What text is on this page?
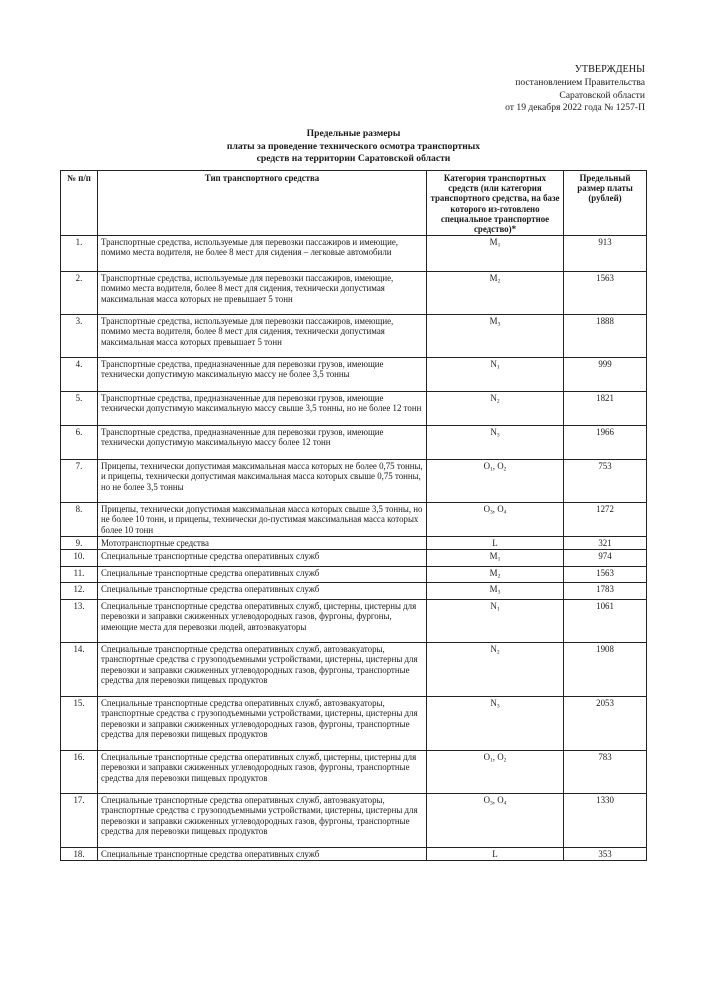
УТВЕРЖДЕНЫ
постановлением Правительства
Саратовской области
от 19 декабря 2022 года № 1257-П
Предельные размеры
платы за проведение технического осмотра транспортных
средств на территории Саратовской области
№ п/п	Тип транспортного средства	Категория транспортных средств (или категория транспортного средства, на базе которого из-готовлено специальное транспортное средство)*	Предельный размер платы (рублей)
1.	Транспортные средства, используемые для перевозки пассажиров и имеющие, помимо места водителя, не более 8 мест для сидения – легковые автомобили	$M_1$	913
2.	Транспортные средства, используемые для перевозки пассажиров, имеющие, помимо места водителя, более 8 мест для сидения, технически допустимая максимальная масса которых не превышает 5 тонн	$M_2$	1563
3.	Транспортные средства, используемые для перевозки пассажиров, имеющие, помимо места водителя, более 8 мест для сидения, технически допустимая максимальная масса которых превышает 5 тонн	$M_3$	1888
4.	Транспортные средства, предназначенные для перевозки грузов, имеющие технически допустимую максимальную массу не более 3,5 тонны	$N_1$	999
5.	Транспортные средства, предназначенные для перевозки грузов, имеющие технически допустимую максимальную массу свыше 3,5 тонны, но не более 12 тонн	$N_2$	1821
6.	Транспортные средства, предназначенные для перевозки грузов, имеющие технически допустимую максимальную массу более 12 тонн	$N_3$	1966
7.	Прицепы, технически допустимая максимальная масса которых не более 0,75 тонны, и прицепы, технически допустимая максимальная масса которых свыше 0,75 тонны, но не более 3,5 тонны	$O_1$, $O_2$	753
8.	Прицепы, технически допустимая максимальная масса которых свыше 3,5 тонны, но не более 10 тонн, и прицепы, технически до-пустимая максимальная масса которых более 10 тонн	$O_3$, $O_4$	1272
9.	Мототранспортные средства	L	321
10.	Специальные транспортные средства оперативных служб	$M_1$	974
11.	Специальные транспортные средства оперативных служб	$M_2$	1563
12.	Специальные транспортные средства оперативных служб	$M_3$	1783
13.	Специальные транспортные средства оперативных служб, цистерны, цистерны для перевозки и заправки сжиженных углеводородных газов, фургоны, фургоны, имеющие места для перевозки людей, автоэвакуаторы	$N_1$	1061
14.	Специальные транспортные средства оперативных служб, автоэвакуаторы, транспортные средства с грузоподъемными устройствами, цистерны, цистерны для перевозки и заправки сжиженных углеводородных газов, фургоны, транспортные средства для перевозки пищевых продуктов	$N_2$	1908
15.	Специальные транспортные средства оперативных служб, автоэвакуаторы, транспортные средства с грузоподъемными устройствами, цистерны, цистерны для перевозки и заправки сжиженных углеводородных газов, фургоны, транспортные средства для перевозки пищевых продуктов	$N_3$	2053
16.	Специальные транспортные средства оперативных служб, цистерны, цистерны для перевозки и заправки сжиженных углеводородных газов, фургоны, транспортные средства для перевозки пищевых продуктов	$O_1$, $O_2$	783
17.	Специальные транспортные средства оперативных служб, автоэвакуаторы, транспортные средства с грузоподъемными устройствами, цистерны, цистерны для перевозки и заправки сжиженных углеводородных газов, фургоны, транспортные средства для перевозки пищевых продуктов	$O_3$, $O_4$	1330
18.	Специальные транспортные средства оперативных служб	L	353
